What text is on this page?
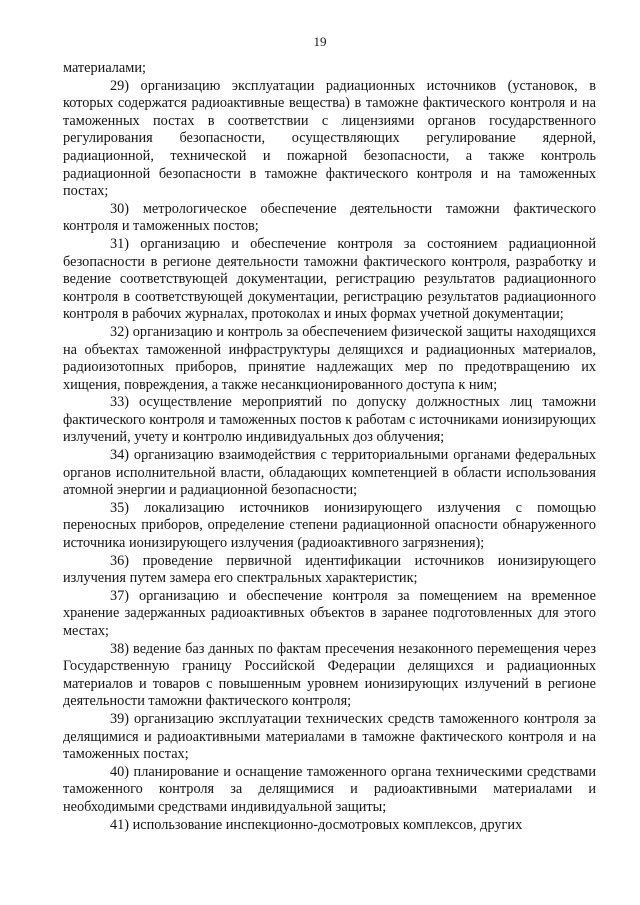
19

материалами;

29) организацию эксплуатации радиационных источников (установок, в которых содержатся радиоактивные вещества) в таможне фактического контроля и на таможенных постах в соответствии с лицензиями органов государственного регулирования безопасности, осуществляющих регулирование ядерной, радиационной, технической и пожарной безопасности, а также контроль радиационной безопасности в таможне фактического контроля и на таможенных постах;

30) метрологическое обеспечение деятельности таможни фактического контроля и таможенных постов;

31) организацию и обеспечение контроля за состоянием радиационной безопасности в регионе деятельности таможни фактического контроля, разработку и ведение соответствующей документации, регистрацию результатов радиационного контроля в соответствующей документации, регистрацию результатов радиационного контроля в рабочих журналах, протоколах и иных формах учетной документации;

32) организацию и контроль за обеспечением физической защиты находящихся на объектах таможенной инфраструктуры делящихся и радиационных материалов, радиоизотопных приборов, принятие надлежащих мер по предотвращению их хищения, повреждения, а также несанкционированного доступа к ним;

33) осуществление мероприятий по допуску должностных лиц таможни фактического контроля и таможенных постов к работам с источниками ионизирующих излучений, учету и контролю индивидуальных доз облучения;

34) организацию взаимодействия с территориальными органами федеральных органов исполнительной власти, обладающих компетенцией в области использования атомной энергии и радиационной безопасности;

35) локализацию источников ионизирующего излучения с помощью переносных приборов, определение степени радиационной опасности обнаруженного источника ионизирующего излучения (радиоактивного загрязнения);

36) проведение первичной идентификации источников ионизирующего излучения путем замера его спектральных характеристик;

37) организацию и обеспечение контроля за помещением на временное хранение задержанных радиоактивных объектов в заранее подготовленных для этого местах;

38) ведение баз данных по фактам пресечения незаконного перемещения через Государственную границу Российской Федерации делящихся и радиационных материалов и товаров с повышенным уровнем ионизирующих излучений в регионе деятельности таможни фактического контроля;

39) организацию эксплуатации технических средств таможенного контроля за делящимися и радиоактивными материалами в таможне фактического контроля и на таможенных постах;

40) планирование и оснащение таможенного органа техническими средствами таможенного контроля за делящимися и радиоактивными материалами и необходимыми средствами индивидуальной защиты;

41) использование инспекционно-досмотровых комплексов, других
